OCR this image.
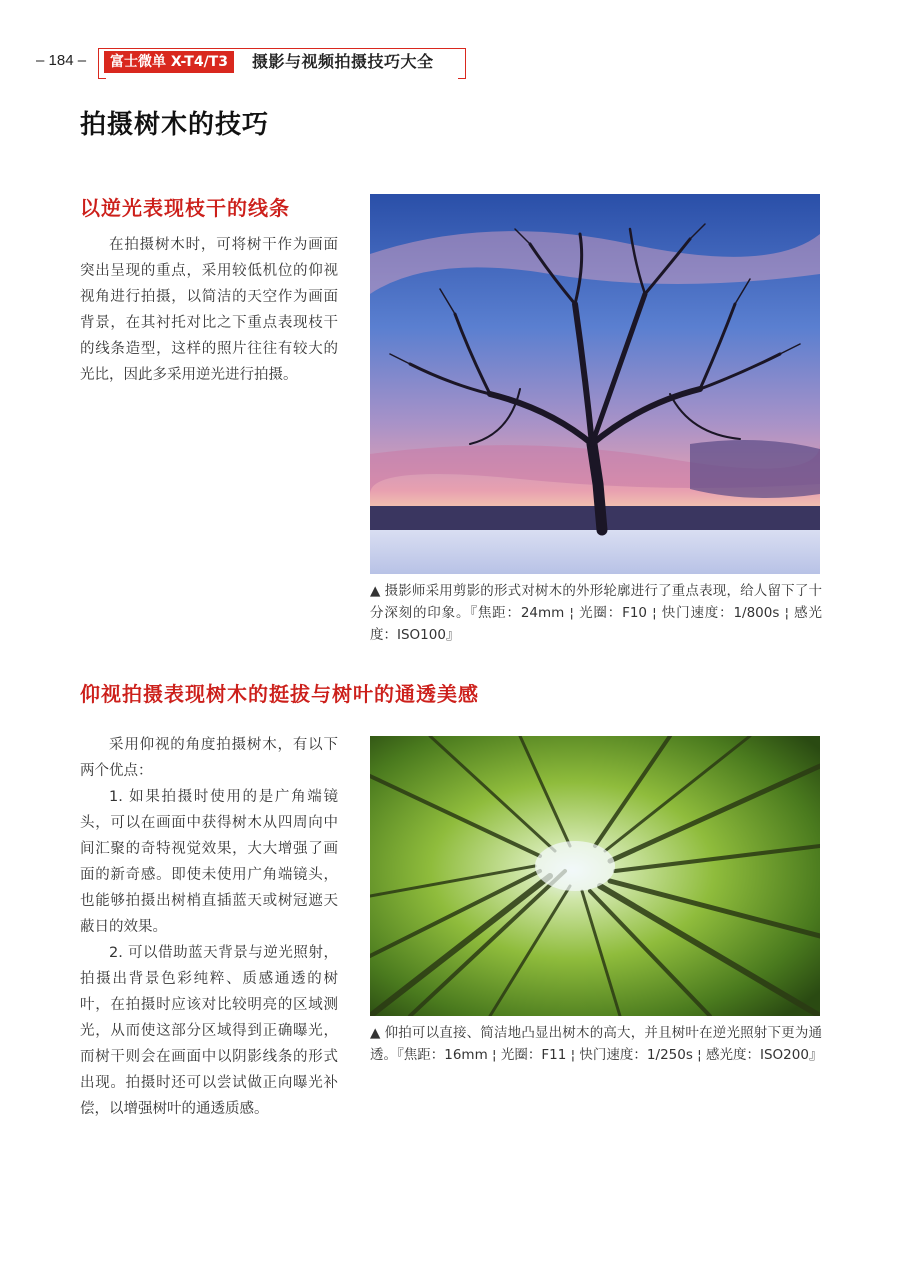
– 184 –	富士微单 X-T4/T3	摄影与视频拍摄技巧大全
拍摄树木的技巧
以逆光表现枝干的线条

在拍摄树木时，可将树干作为画面突出呈现的重点，采用较低机位的仰视视角进行拍摄，以简洁的天空作为画面背景，在其衬托对比之下重点表现枝干的线条造型，这样的照片往往有较大的光比，因此多采用逆光进行拍摄。

▲ 摄影师采用剪影的形式对树木的外形轮廓进行了重点表现，给人留下了十分深刻的印象。『焦距：24mm ¦ 光圈：F10 ¦ 快门速度：1/800s ¦ 感光度：ISO100』
仰视拍摄表现树木的挺拔与树叶的通透美感

采用仰视的角度拍摄树木，有以下两个优点：

1. 如果拍摄时使用的是广角端镜头，可以在画面中获得树木从四周向中间汇聚的奇特视觉效果，大大增强了画面的新奇感。即使未使用广角端镜头，也能够拍摄出树梢直插蓝天或树冠遮天蔽日的效果。

2. 可以借助蓝天背景与逆光照射，拍摄出背景色彩纯粹、质感通透的树叶，在拍摄时应该对比较明亮的区域测光，从而使这部分区域得到正确曝光，而树干则会在画面中以阴影线条的形式出现。拍摄时还可以尝试做正向曝光补偿，以增强树叶的通透质感。

▲ 仰拍可以直接、简洁地凸显出树木的高大，并且树叶在逆光照射下更为通透。『焦距：16mm ¦ 光圈：F11 ¦ 快门速度：1/250s ¦ 感光度：ISO200』
